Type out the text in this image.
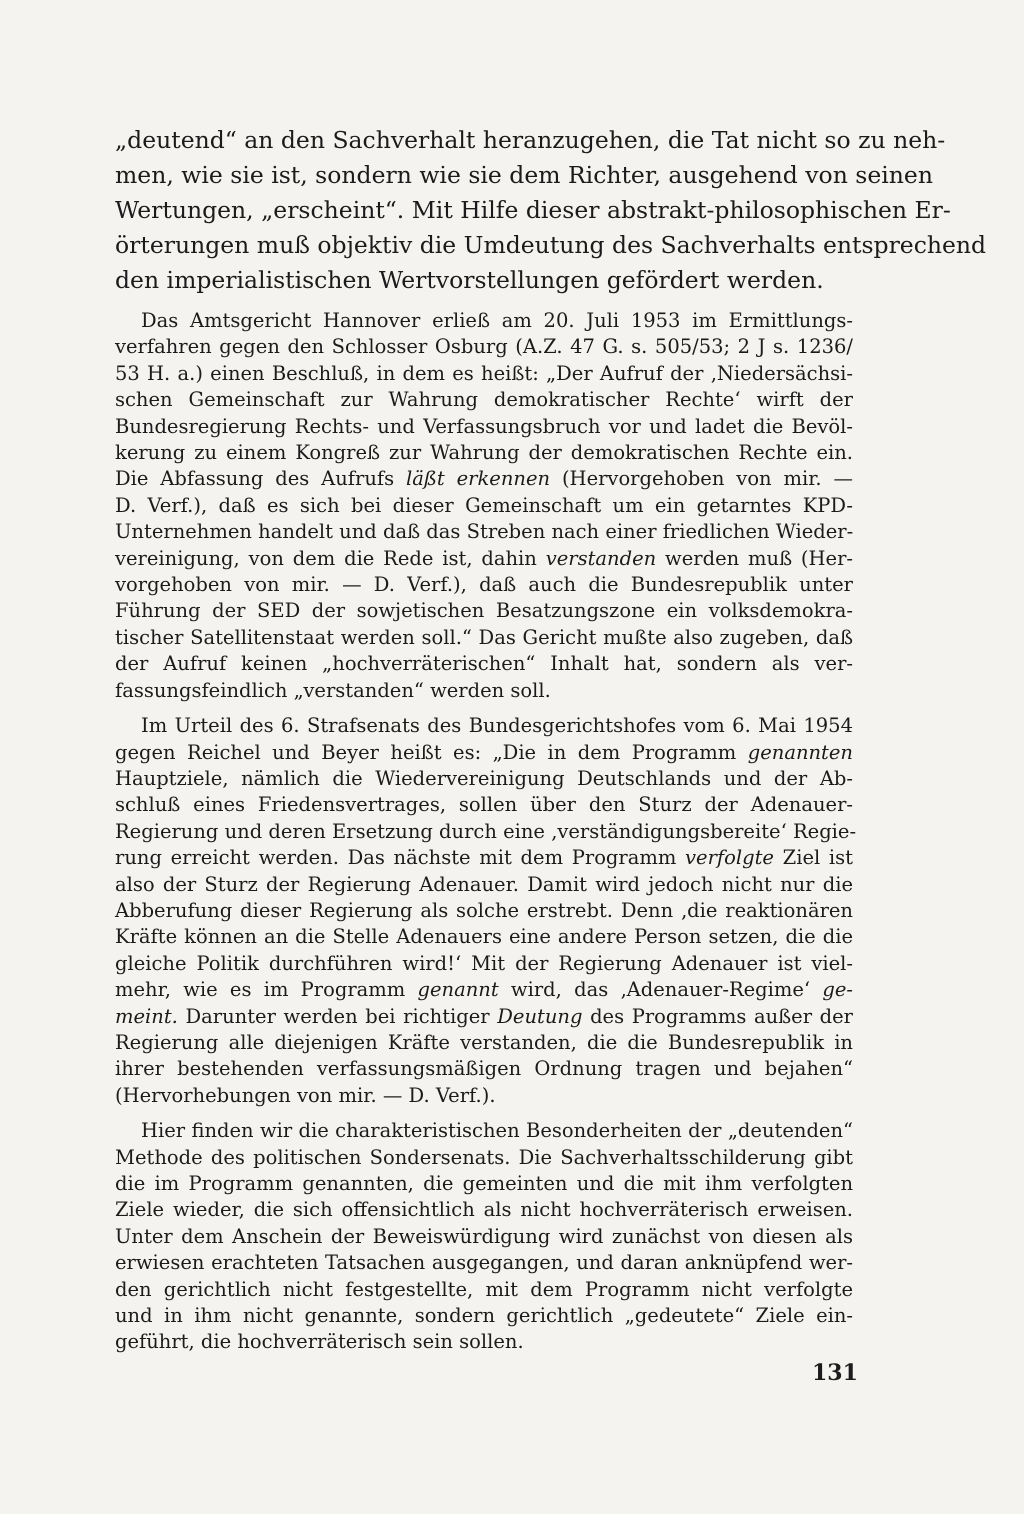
„deutend“ an den Sachverhalt heranzugehen, die Tat nicht so zu neh-
men, wie sie ist, sondern wie sie dem Richter, ausgehend von seinen
Wertungen, „erscheint“. Mit Hilfe dieser abstrakt-philosophischen Er-
örterungen muß objektiv die Umdeutung des Sachverhalts entsprechend
den imperialistischen Wertvorstellungen gefördert werden.
Das Amtsgericht Hannover erließ am 20. Juli 1953 im Ermittlungs-
verfahren gegen den Schlosser Osburg (A.Z. 47 G. s. 505/53; 2 J s. 1236/
53 H. a.) einen Beschluß, in dem es heißt: „Der Aufruf der ‚Niedersächsi-
schen Gemeinschaft zur Wahrung demokratischer Rechte‘ wirft der
Bundesregierung Rechts- und Verfassungsbruch vor und ladet die Bevöl-
kerung zu einem Kongreß zur Wahrung der demokratischen Rechte ein.
Die Abfassung des Aufrufs läßt erkennen (Hervorgehoben von mir. —
D. Verf.), daß es sich bei dieser Gemeinschaft um ein getarntes KPD-
Unternehmen handelt und daß das Streben nach einer friedlichen Wieder-
vereinigung, von dem die Rede ist, dahin verstanden werden muß (Her-
vorgehoben von mir. — D. Verf.), daß auch die Bundesrepublik unter
Führung der SED der sowjetischen Besatzungszone ein volksdemokra-
tischer Satellitenstaat werden soll.“ Das Gericht mußte also zugeben, daß
der Aufruf keinen „hochverräterischen“ Inhalt hat, sondern als ver-
fassungsfeindlich „verstanden“ werden soll.
Im Urteil des 6. Strafsenats des Bundesgerichtshofes vom 6. Mai 1954
gegen Reichel und Beyer heißt es: „Die in dem Programm genannten
Hauptziele, nämlich die Wiedervereinigung Deutschlands und der Ab-
schluß eines Friedensvertrages, sollen über den Sturz der Adenauer-
Regierung und deren Ersetzung durch eine ‚verständigungsbereite‘ Regie-
rung erreicht werden. Das nächste mit dem Programm verfolgte Ziel ist
also der Sturz der Regierung Adenauer. Damit wird jedoch nicht nur die
Abberufung dieser Regierung als solche erstrebt. Denn ‚die reaktionären
Kräfte können an die Stelle Adenauers eine andere Person setzen, die die
gleiche Politik durchführen wird!‘ Mit der Regierung Adenauer ist viel-
mehr, wie es im Programm genannt wird, das ‚Adenauer-Regime‘ ge-
meint. Darunter werden bei richtiger Deutung des Programms außer der
Regierung alle diejenigen Kräfte verstanden, die die Bundesrepublik in
ihrer bestehenden verfassungsmäßigen Ordnung tragen und bejahen“
(Hervorhebungen von mir. — D. Verf.).
Hier finden wir die charakteristischen Besonderheiten der „deutenden“
Methode des politischen Sondersenats. Die Sachverhaltsschilderung gibt
die im Programm genannten, die gemeinten und die mit ihm verfolgten
Ziele wieder, die sich offensichtlich als nicht hochverräterisch erweisen.
Unter dem Anschein der Beweiswürdigung wird zunächst von diesen als
erwiesen erachteten Tatsachen ausgegangen, und daran anknüpfend wer-
den gerichtlich nicht festgestellte, mit dem Programm nicht verfolgte
und in ihm nicht genannte, sondern gerichtlich „gedeutete“ Ziele ein-
geführt, die hochverräterisch sein sollen.
131
